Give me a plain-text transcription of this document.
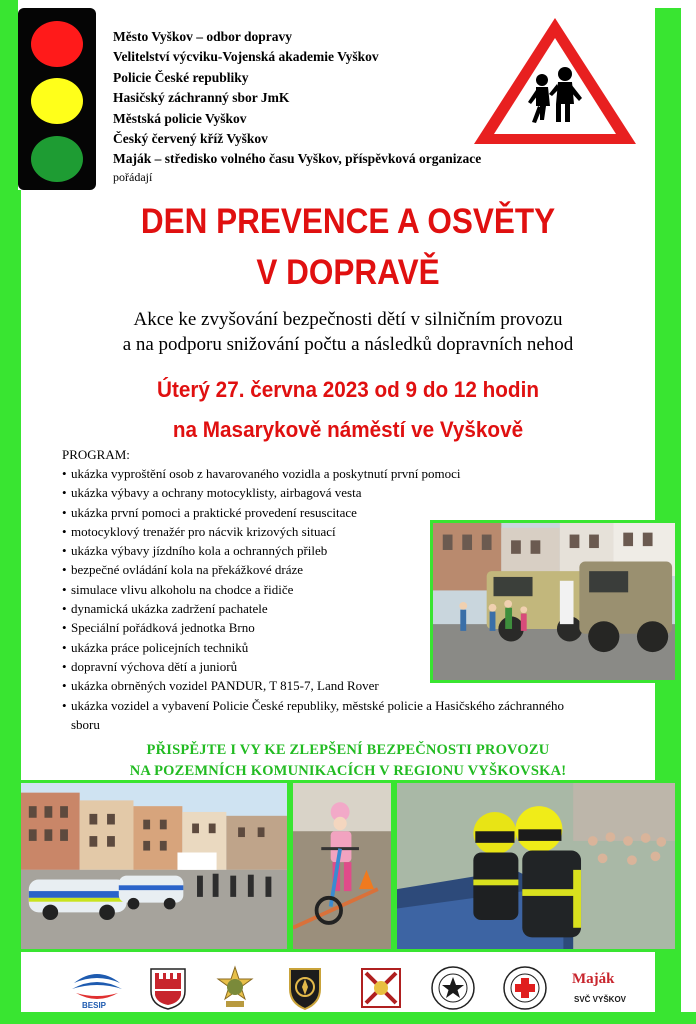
Město Vyškov – odbor dopravy
Velitelství výcviku-Vojenská akademie Vyškov
Policie České republiky
Hasičský záchranný sbor JmK
Městská policie Vyškov
Český červený kříž Vyškov
Maják – středisko volného času Vyškov, příspěvková organizace
pořádají
DEN PREVENCE A OSVĚTY
V DOPRAVĚ
Akce ke zvyšování bezpečnosti dětí v silničním provozu
a na podporu snižování počtu a následků dopravních nehod
Úterý 27. června 2023 od 9 do 12 hodin
na Masarykově náměstí ve Vyškově
PROGRAM:
• ukázka vyproštění osob z havarovaného vozidla a poskytnutí první pomoci
• ukázka výbavy a ochrany motocyklisty, airbagová vesta
• ukázka první pomoci a praktické provedení resuscitace
• motocyklový trenažér pro nácvik krizových situací
• ukázka výbavy jízdního kola a ochranných přileb
• bezpečné ovládání kola na překážkové dráze
• simulace vlivu alkoholu na chodce a řidiče
• dynamická ukázka zadržení pachatele
• Speciální pořádková jednotka Brno
• ukázka práce policejních techniků
• dopravní výchova dětí a juniorů
• ukázka obrněných vozidel PANDUR, T 815-7, Land Rover
• ukázka vozidel a vybavení Policie České republiky, městské policie a Hasičského záchranného sboru
PŘISPĚJTE I VY KE ZLEPŠENÍ BEZPEČNOSTI PROVOZU
NA POZEMNÍCH KOMUNIKACÍCH V REGIONU VYŠKOVSKA!
BESIP
Maják
SVČ VYŠKOV
